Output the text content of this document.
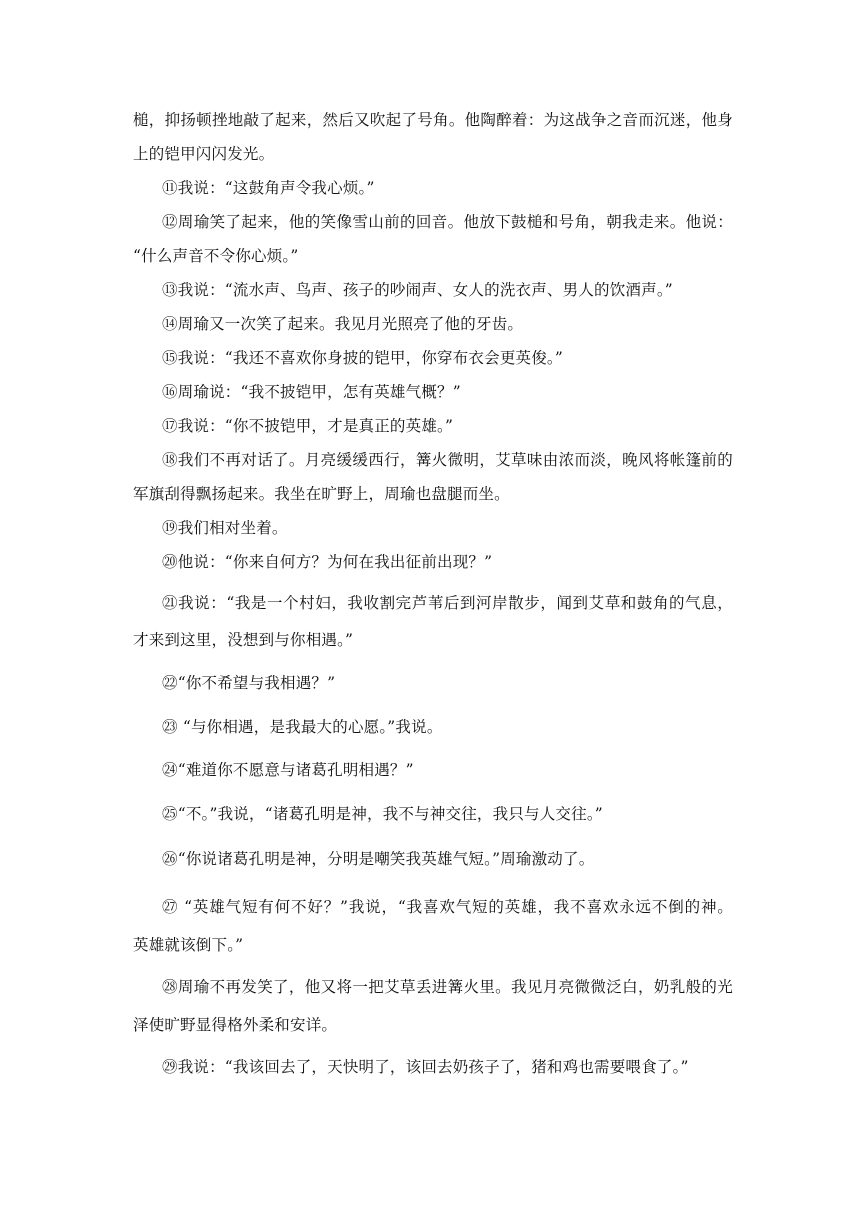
槌，抑扬顿挫地敲了起来，然后又吹起了号角。他陶醉着：为这战争之音而沉迷，他身
上的铠甲闪闪发光。
⑪我说：“这鼓角声令我心烦。”
⑫周瑜笑了起来，他的笑像雪山前的回音。他放下鼓槌和号角，朝我走来。他说：
“什么声音不令你心烦。”
⑬我说：“流水声、鸟声、孩子的吵闹声、女人的洗衣声、男人的饮酒声。”
⑭周瑜又一次笑了起来。我见月光照亮了他的牙齿。
⑮我说：“我还不喜欢你身披的铠甲，你穿布衣会更英俊。”
⑯周瑜说：“我不披铠甲，怎有英雄气概？”
⑰我说：“你不披铠甲，才是真正的英雄。”
⑱我们不再对话了。月亮缓缓西行，篝火微明，艾草味由浓而淡，晚风将帐篷前的
军旗刮得飘扬起来。我坐在旷野上，周瑜也盘腿而坐。
⑲我们相对坐着。
⑳他说：“你来自何方？为何在我出征前出现？”
㉑我说：“我是一个村妇，我收割完芦苇后到河岸散步，闻到艾草和鼓角的气息，
才来到这里，没想到与你相遇。”
㉒“你不希望与我相遇？”
㉓ “与你相遇，是我最大的心愿。”我说。
㉔“难道你不愿意与诸葛孔明相遇？”
㉕“不。”我说，“诸葛孔明是神，我不与神交往，我只与人交往。”
㉖“你说诸葛孔明是神，分明是嘲笑我英雄气短。”周瑜激动了。
㉗ “英雄气短有何不好？”我说，“我喜欢气短的英雄，我不喜欢永远不倒的神。
英雄就该倒下。”
㉘周瑜不再发笑了，他又将一把艾草丢进篝火里。我见月亮微微泛白，奶乳般的光
泽使旷野显得格外柔和安详。
㉙我说：“我该回去了，天快明了，该回去奶孩子了，猪和鸡也需要喂食了。”
